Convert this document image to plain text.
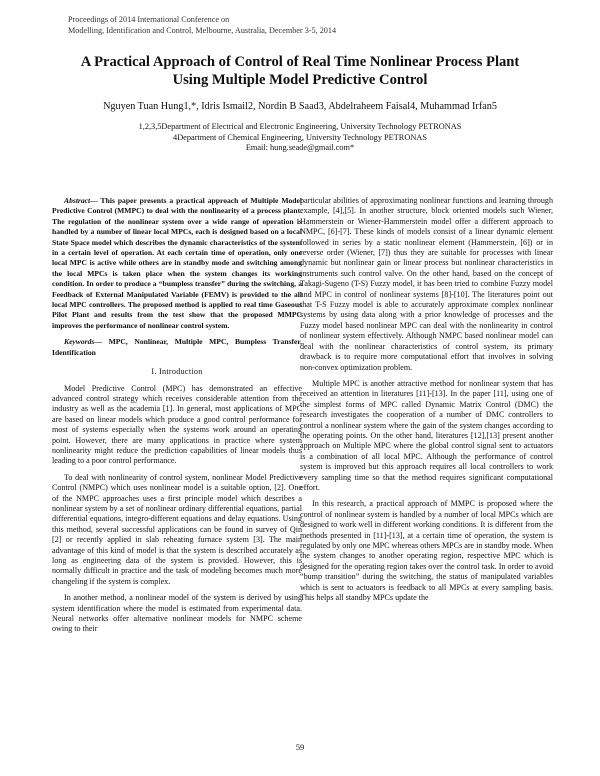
Proceedings of 2014 International Conference on
Modelling, Identification and Control, Melbourne, Australia, December 3-5, 2014
A Practical Approach of Control of Real Time Nonlinear Process Plant
Using Multiple Model Predictive Control
Nguyen Tuan Hung1,*, Idris Ismail2, Nordin B Saad3, Abdelraheem Faisal4, Muhammad Irfan5
1,2,3,5Department of Electrical and Electronic Engineering, University Technology PETRONAS
4Department of Chemical Engineering, University Technology PETRONAS
Email: hung.seade@gmail.com*

Abstract— This paper presents a practical approach of Multiple Model Predictive Control (MMPC) to deal with the nonlinearity of a process plant. The regulation of the nonlinear system over a wide range of operation is handled by a number of linear local MPCs, each is designed based on a local State Space model which describes the dynamic characteristics of the system in a certain level of operation. At each certain time of operation, only one local MPC is active while others are in standby mode and switching among the local MPCs is taken place when the system changes its working condition. In order to produce a “bumpless transfer” during the switching, a Feedback of External Manipulated Variable (FEMV) is provided to the all local MPC controllers. The proposed method is applied to real time Gaseous Pilot Plant and results from the test show that the proposed MMPC improves the performance of nonlinear control system.

Keywords— MPC, Nonlinear, Multiple MPC, Bumpless Transfer, Identification

I. Introduction

Model Predictive Control (MPC) has demonstrated an effective advanced control strategy which receives considerable attention from the industry as well as the academia [1]. In general, most applications of MPC are based on linear models which produce a good control performance for most of systems especially when the systems work around an operating point. However, there are many applications in practice where system nonlinearity might reduce the prediction capabilities of linear models thus leading to a poor control performance.

To deal with nonlinearity of control system, nonlinear Model Predictive Control (NMPC) which uses nonlinear model is a suitable option, [2]. One of the NMPC approaches uses a first principle model which describes a nonlinear system by a set of nonlinear ordinary differential equations, partial differential equations, integro-different equations and delay equations. Using this method, several successful applications can be found in survey of Qin [2] or recently applied in slab reheating furnace system [3]. The main advantage of this kind of model is that the system is described accurately as long as engineering data of the system is provided. However, this is normally difficult in practice and the task of modeling becomes much more changeling if the system is complex.

In another method, a nonlinear model of the system is derived by using system identification where the model is estimated from experimental data. Neural networks offer alternative nonlinear models for NMPC scheme owing to their

particular abilities of approximating nonlinear functions and learning through example, [4],[5]. In another structure, block oriented models such Wiener, Hammerstein or Wiener-Hammerstein model offer a different approach to NMPC, [6]-[7]. These kinds of models consist of a linear dynamic element followed in series by a static nonlinear element (Hammerstein, [6]) or in reverse order (Wiener, [7]) thus they are suitable for processes with linear dynamic but nonlinear gain or linear process but nonlinear characteristics in instruments such control valve. On the other hand, based on the concept of Takagi-Sugeno (T-S) Fuzzy model, it has been tried to combine Fuzzy model and MPC in control of nonlinear systems [8]-[10]. The literatures point out that T-S Fuzzy model is able to accurately approximate complex nonlinear systems by using data along with a prior knowledge of processes and the Fuzzy model based nonlinear MPC can deal with the nonlinearity in control of nonlinear system effectively. Although NMPC based nonlinear model can deal with the nonlinear characteristics of control system, its primary drawback is to require more computational effort that involves in solving non-convex optimization problem.

Multiple MPC is another attractive method for nonlinear system that has received an attention in literatures [11]-[13]. In the paper [11], using one of the simplest forms of MPC called Dynamic Matrix Control (DMC) the research investigates the cooperation of a number of DMC controllers to control a nonlinear system where the gain of the system changes according to the operating points. On the other hand, literatures [12],[13] present another approach on Multiple MPC where the global control signal sent to actuators is a combination of all local MPC. Although the performance of control system is improved but this approach requires all local controllers to work every sampling time so that the method requires significant computational effort.

In this research, a practical approach of MMPC is proposed where the control of nonlinear system is handled by a number of local MPCs which are designed to work well in different working conditions. It is different from the methods presented in [11]-[13], at a certain time of operation, the system is regulated by only one MPC whereas others MPCs are in standby mode. When the system changes to another operating region, respective MPC which is designed for the operating region takes over the control task. In order to avoid “bump transition” during the switching, the status of manipulated variables which is sent to actuators is feedback to all MPCs at every sampling basis. This helps all standby MPCs update the

59
